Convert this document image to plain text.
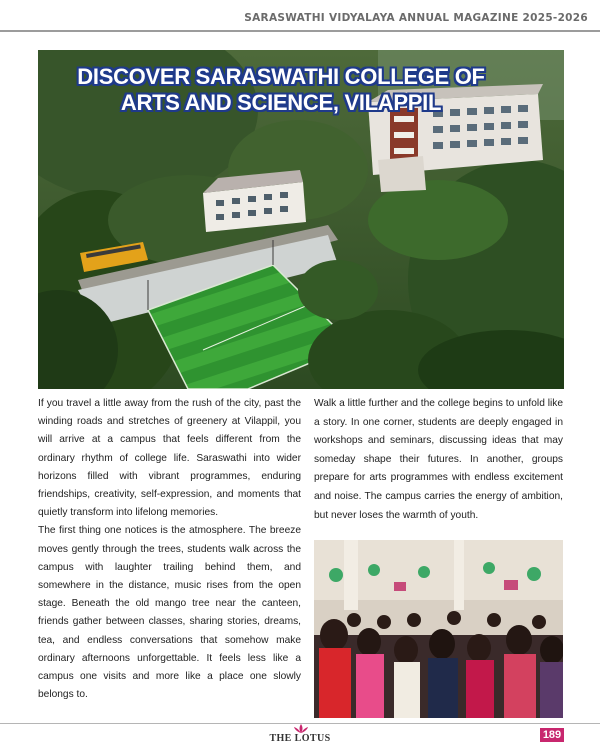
SARASWATHI VIDYALAYA ANNUAL MAGAZINE 2025-2026
DISCOVER SARASWATHI COLLEGE OF
ARTS AND SCIENCE, VILAPPIL

If you travel a little away from the rush of the city, past the winding roads and stretches of greenery at Vilappil, you will arrive at a campus that feels different from the ordinary rhythm of college life. Saraswathi into wider horizons filled with vibrant programmes, enduring friendships, creativity, self-expression, and moments that quietly transform into lifelong memories.

The first thing one notices is the atmosphere. The breeze moves gently through the trees, students walk across the campus with laughter trailing behind them, and somewhere in the distance, music rises from the open stage. Beneath the old mango tree near the canteen, friends gather between classes, sharing stories, dreams, tea, and endless conversations that somehow make ordinary afternoons unforgettable. It feels less like a campus one visits and more like a place one slowly belongs to.

Walk a little further and the college begins to unfold like a story. In one corner, students are deeply engaged in workshops and seminars, discussing ideas that may someday shape their futures. In another, groups prepare for arts programmes with endless excitement and noise. The campus carries the energy of ambition, but never loses the warmth of youth.

THE LOTUS	189
